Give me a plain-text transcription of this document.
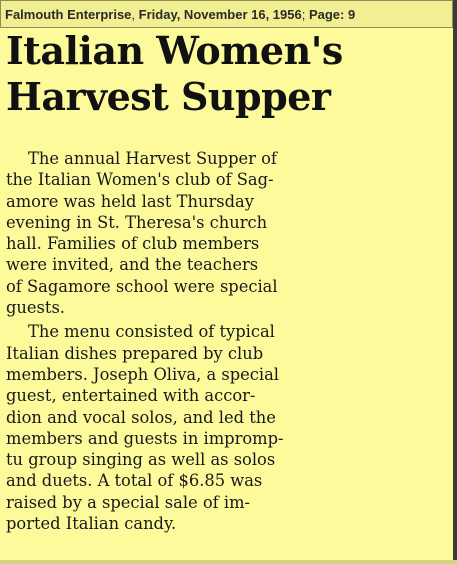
Falmouth Enterprise , Friday, November 16, 1956 ; Page: 9
Italian Women's
Harvest Supper

The annual Harvest Supper of
the Italian Women's club of Sag-
amore was held last Thursday
evening in St. Theresa's church
hall. Families of club members
were invited, and the teachers
of Sagamore school were special
guests.

The menu consisted of typical
Italian dishes prepared by club
members. Joseph Oliva, a special
guest, entertained with accor-
dion and vocal solos, and led the
members and guests in impromp-
tu group singing as well as solos
and duets. A total of $6.85 was
raised by a special sale of im-
ported Italian candy.
